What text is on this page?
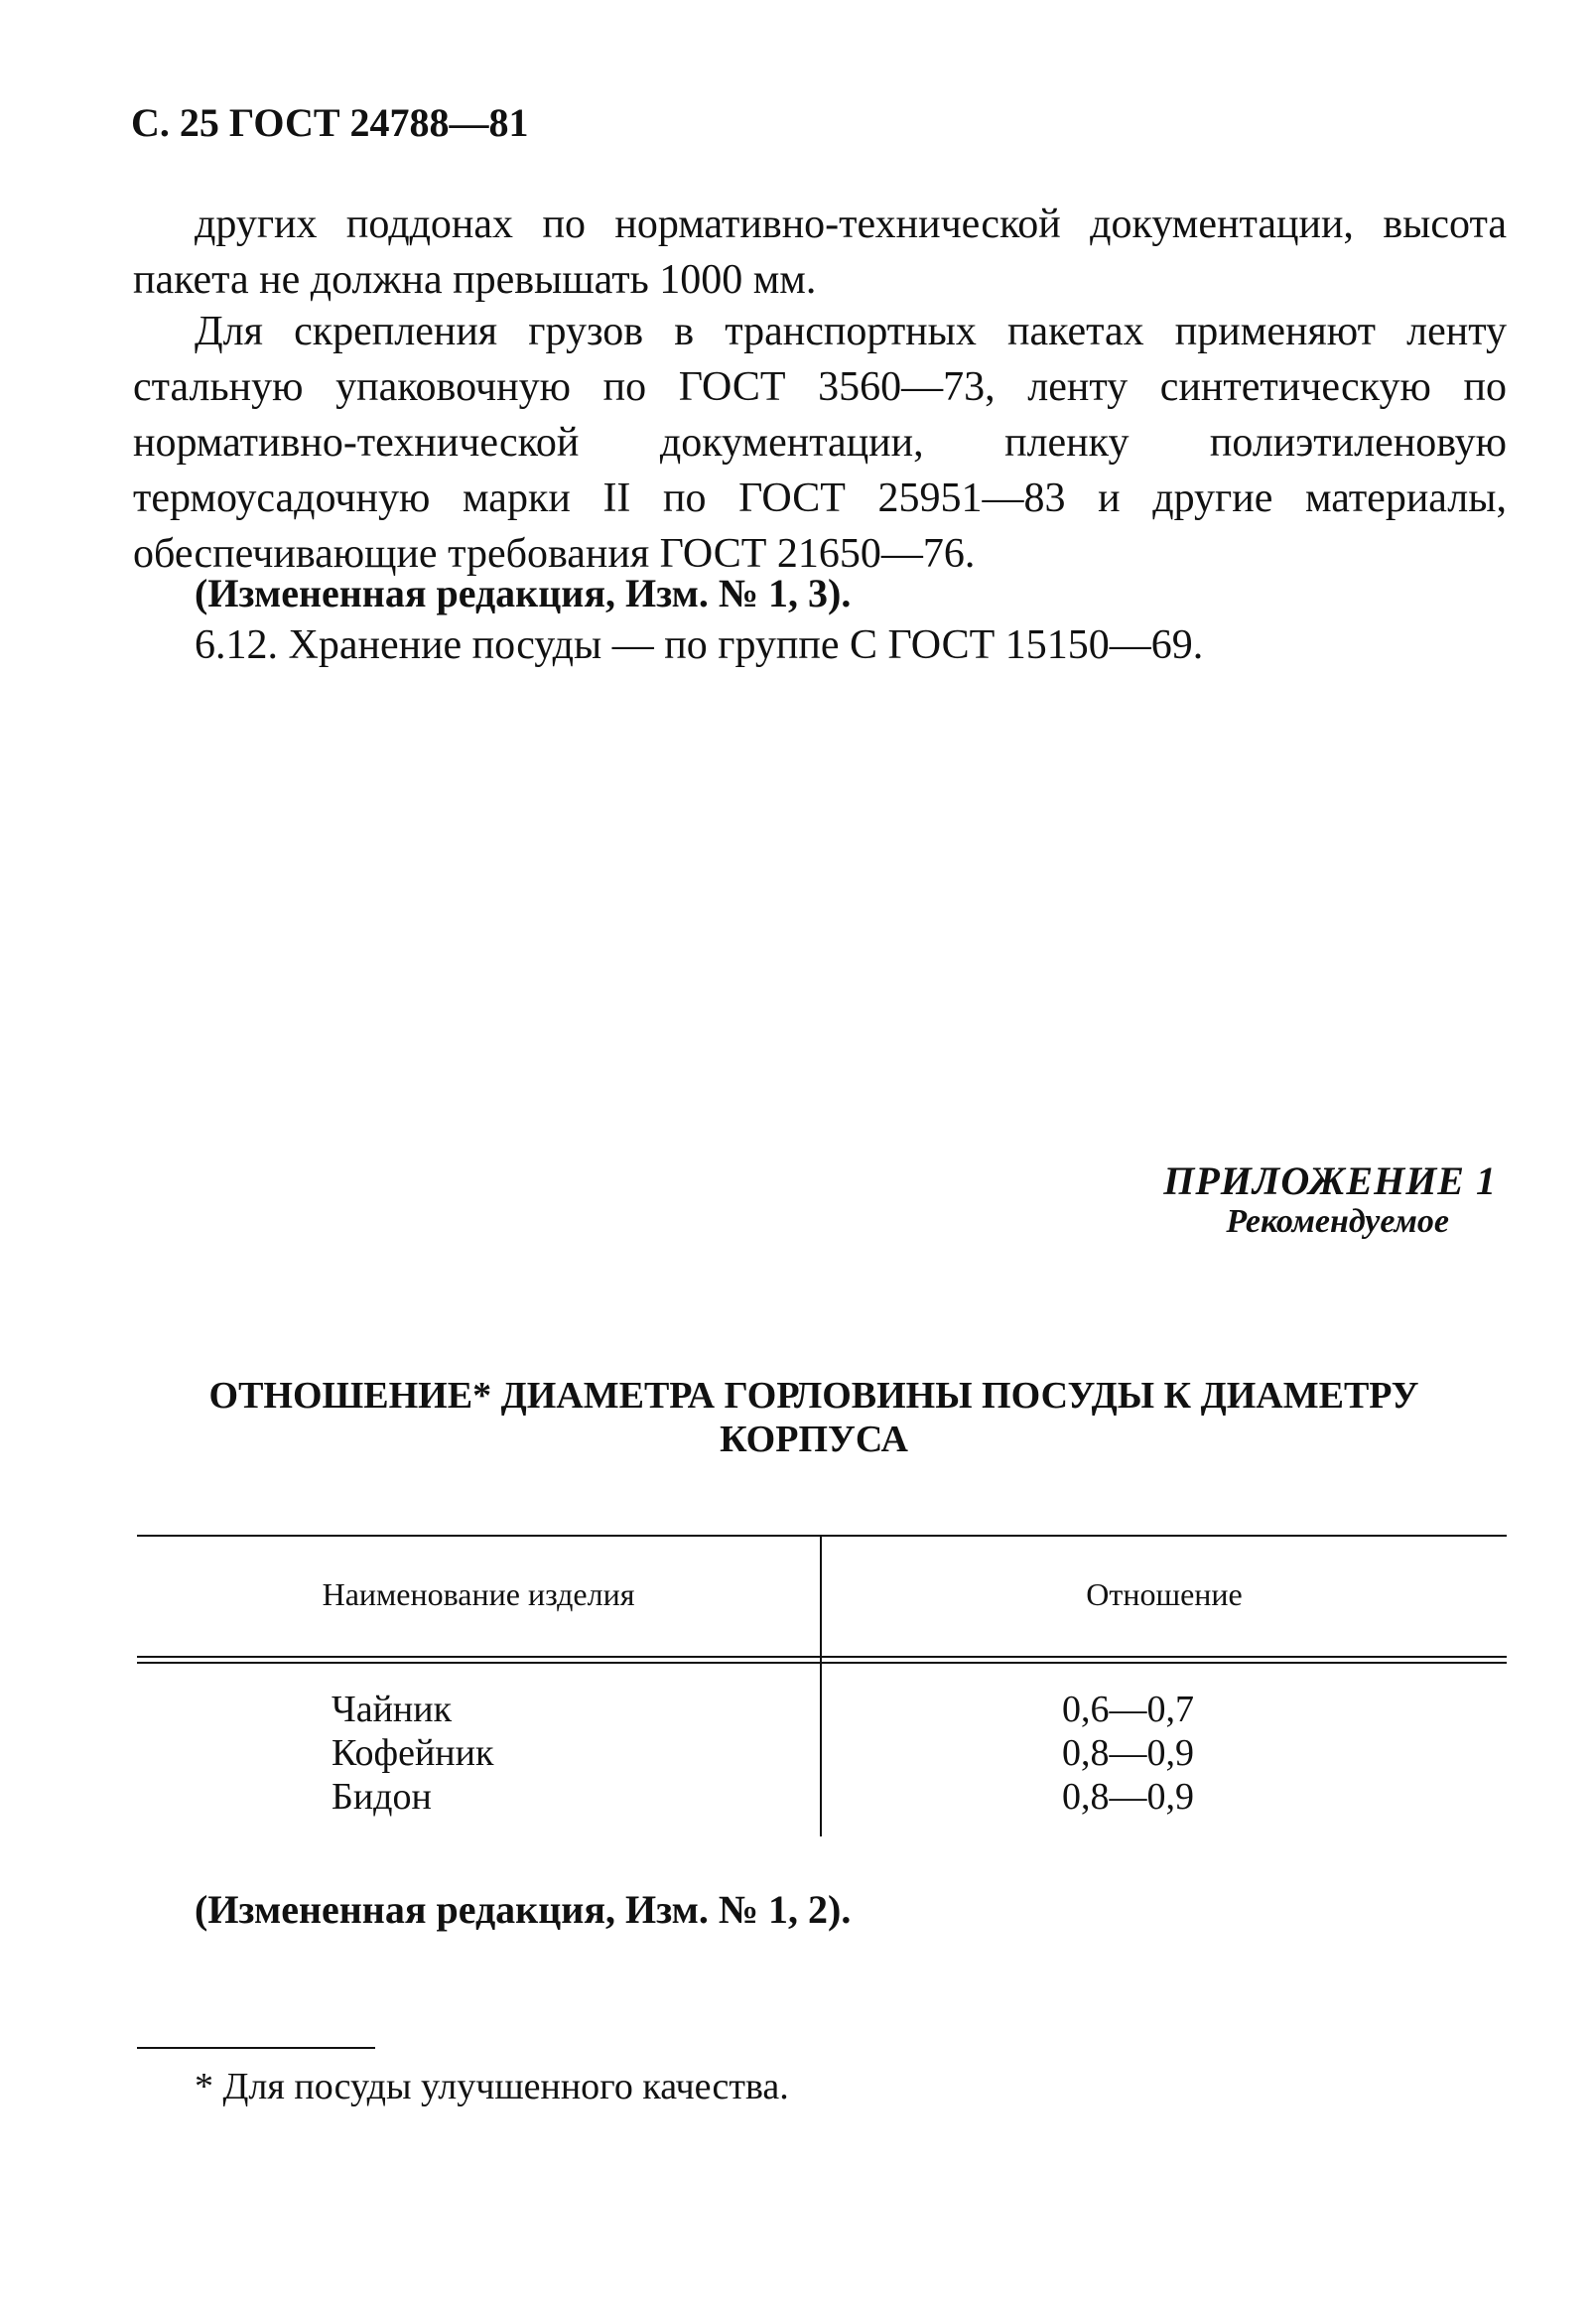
С. 25 ГОСТ 24788—81

других поддонах по нормативно-технической документации, высота пакета не должна превышать 1000 мм.

Для скрепления грузов в транспортных пакетах применяют ленту стальную упаковочную по ГОСТ 3560—73, ленту синтетическую по нормативно-технической документации, пленку полиэтиленовую термоусадочную марки II по ГОСТ 25951—83 и другие материалы, обеспечивающие требования ГОСТ 21650—76.

(Измененная редакция, Изм. № 1, 3).
6.12. Хранение посуды — по группе С ГОСТ 15150—69.
ПРИЛОЖЕНИЕ 1
Рекомендуемое
ОТНОШЕНИЕ* ДИАМЕТРА ГОРЛОВИНЫ ПОСУДЫ К ДИАМЕТРУ
КОРПУСА
Наименование изделия	Отношение
Чайник
Кофейник
Бидон
0,6—0,7
0,8—0,9
0,8—0,9
(Измененная редакция, Изм. № 1, 2).
* Для посуды улучшенного качества.
